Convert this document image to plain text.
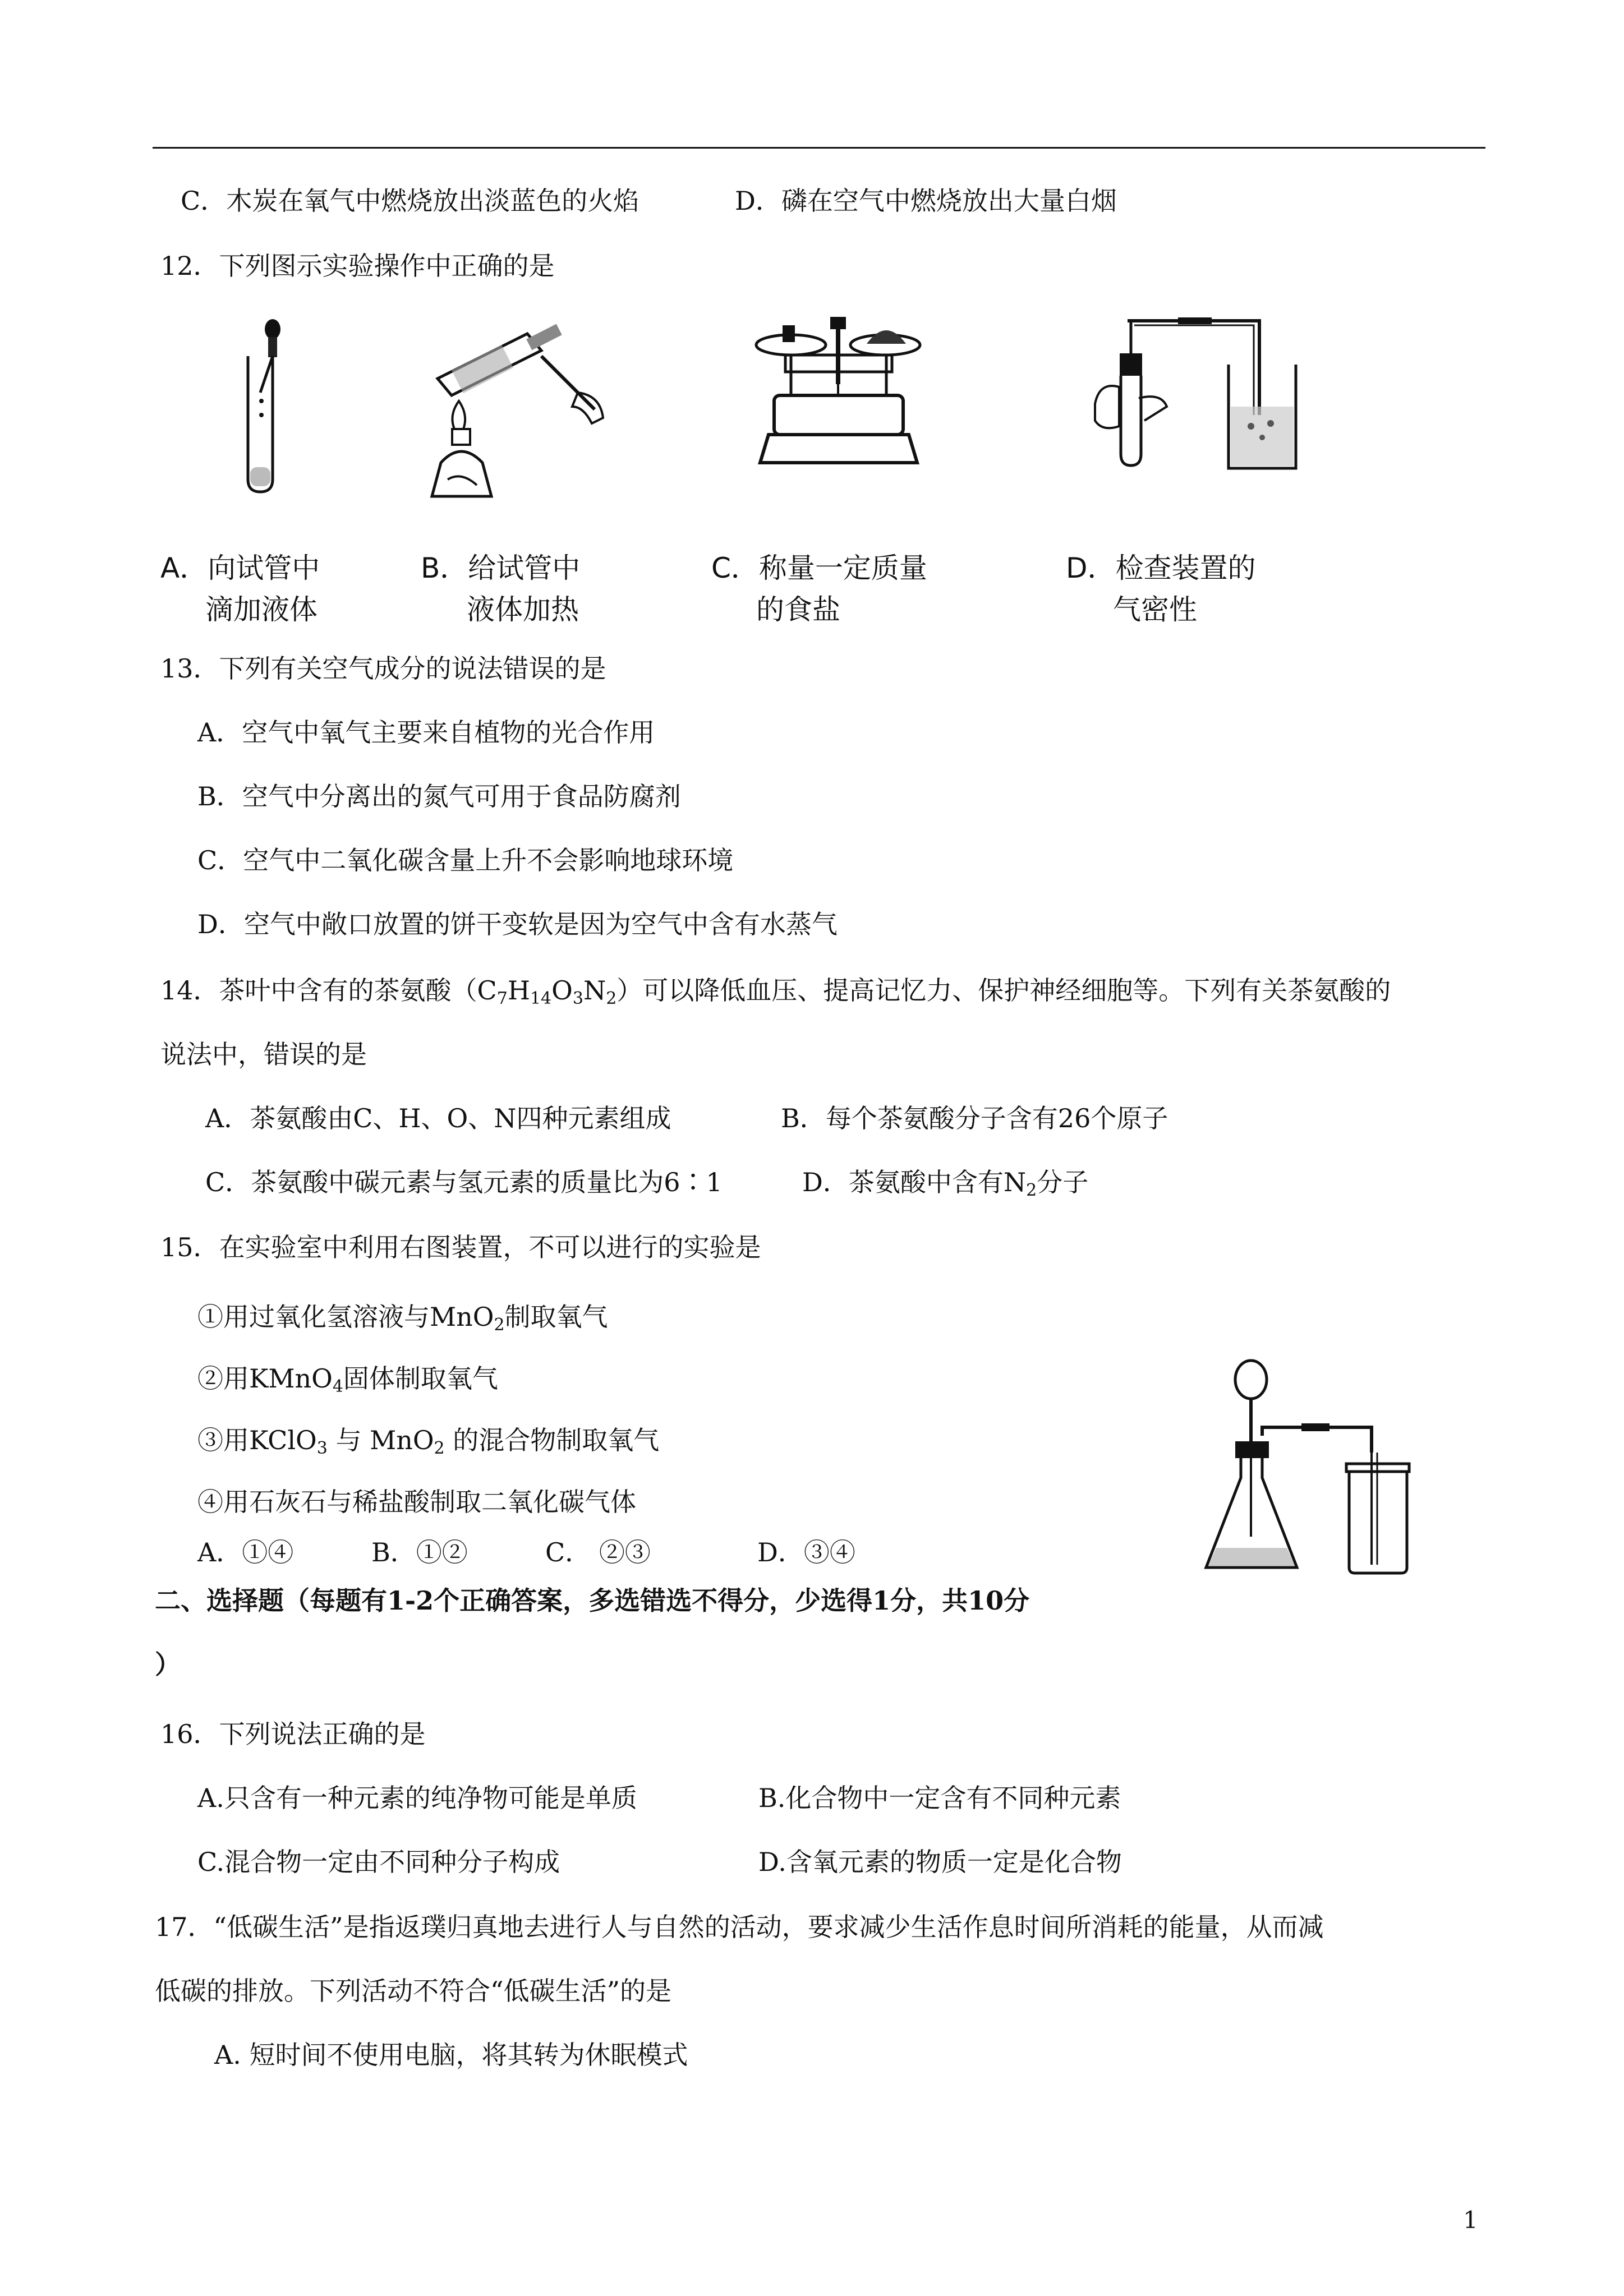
C．木炭在氧气中燃烧放出淡蓝色的火焰	D．磷在空气中燃烧放出大量白烟
12．下列图示实验操作中正确的是
A．向试管中
滴加液体
B．给试管中
液体加热
C．称量一定质量
的食盐
D．检查装置的
气密性
13．下列有关空气成分的说法错误的是
A．空气中氧气主要来自植物的光合作用
B．空气中分离出的氮气可用于食品防腐剂
C．空气中二氧化碳含量上升不会影响地球环境
D．空气中敞口放置的饼干变软是因为空气中含有水蒸气
14．茶叶中含有的茶氨酸$(C_7H_{14}O_3N_2)$可以降低血压、提高记忆力、保护神经细胞等。下列有关茶氨酸的
说法中，错误的是
A．茶氨酸由C、H、O、N四种元素组成	B．每个茶氨酸分子含有26个原子
C．茶氨酸中碳元素与氢元素的质量比为6∶1	D．茶氨酸中含有$N_2$分子
15．在实验室中利用右图装置，不可以进行的实验是
①用过氧化氢溶液与MnO$_2$制取氧气
②用KMnO$_4$固体制取氧气
③用KClO$_3$ 与 MnO$_2$ 的混合物制取氧气
④用石灰石与稀盐酸制取二氧化碳气体
A．①④	B．①②	C． ②③	D．③④
二、选择题（每题有1-2个正确答案，多选错选不得分，少选得1分，共10分
）
16．下列说法正确的是
A.只含有一种元素的纯净物可能是单质	B.化合物中一定含有不同种元素
C.混合物一定由不同种分子构成	D.含氧元素的物质一定是化合物
17．“低碳生活”是指返璞归真地去进行人与自然的活动，要求减少生活作息时间所消耗的能量，从而减
低碳的排放。下列活动不符合“低碳生活”的是
A. 短时间不使用电脑，将其转为休眠模式
1
